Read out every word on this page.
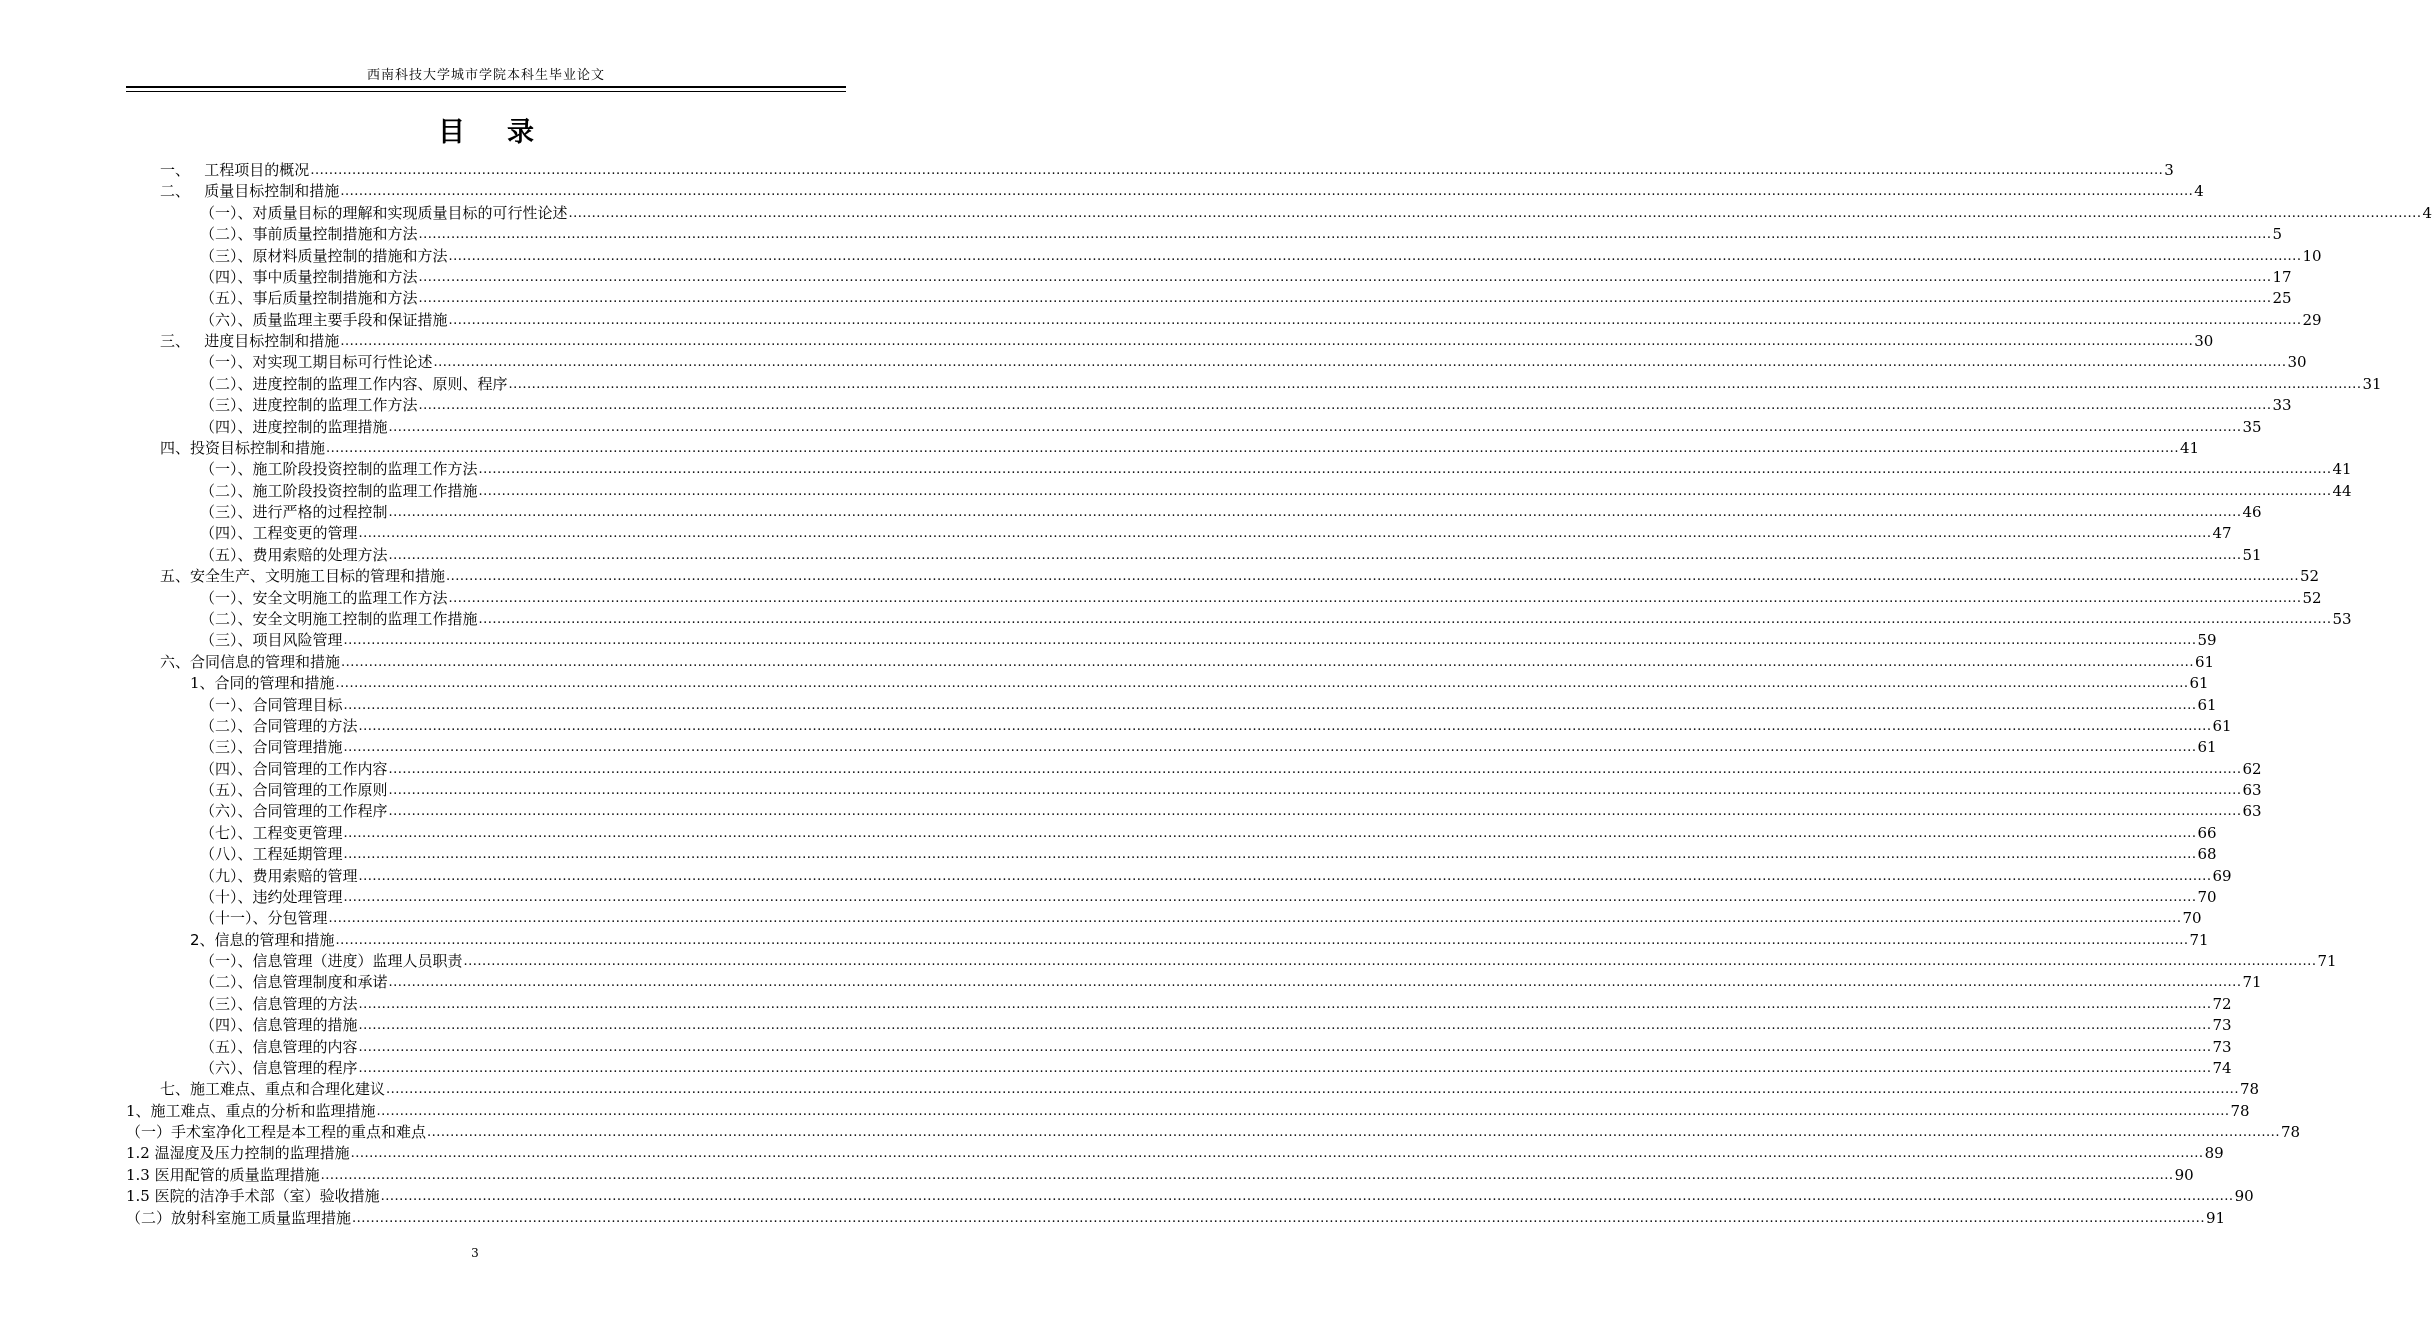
西南科技大学城市学院本科生毕业论文
目录
一、   工程项目的概况 ................................................................................................................................................................................................................................................................................................................................................................................................................ 3
二、   质量目标控制和措施 ................................................................................................................................................................................................................................................................................................................................................................................................................ 4
（一）、对质量目标的理解和实现质量目标的可行性论述 ................................................................................................................................................................................................................................................................................................................................................................................................................ 4
（二）、事前质量控制措施和方法 ................................................................................................................................................................................................................................................................................................................................................................................................................ 5
（三）、原材料质量控制的措施和方法 ................................................................................................................................................................................................................................................................................................................................................................................................................ 10
（四）、事中质量控制措施和方法 ................................................................................................................................................................................................................................................................................................................................................................................................................ 17
（五）、事后质量控制措施和方法 ................................................................................................................................................................................................................................................................................................................................................................................................................ 25
（六）、质量监理主要手段和保证措施 ................................................................................................................................................................................................................................................................................................................................................................................................................ 29
三、   进度目标控制和措施 ................................................................................................................................................................................................................................................................................................................................................................................................................ 30
（一）、对实现工期目标可行性论述 ................................................................................................................................................................................................................................................................................................................................................................................................................ 30
（二）、进度控制的监理工作内容、原则、程序 ................................................................................................................................................................................................................................................................................................................................................................................................................ 31
（三）、进度控制的监理工作方法 ................................................................................................................................................................................................................................................................................................................................................................................................................ 33
（四）、进度控制的监理措施 ................................................................................................................................................................................................................................................................................................................................................................................................................ 35
四、投资目标控制和措施 ................................................................................................................................................................................................................................................................................................................................................................................................................ 41
（一）、施工阶段投资控制的监理工作方法 ................................................................................................................................................................................................................................................................................................................................................................................................................ 41
（二）、施工阶段投资控制的监理工作措施 ................................................................................................................................................................................................................................................................................................................................................................................................................ 44
（三）、进行严格的过程控制 ................................................................................................................................................................................................................................................................................................................................................................................................................ 46
（四）、工程变更的管理 ................................................................................................................................................................................................................................................................................................................................................................................................................ 47
（五）、费用索赔的处理方法 ................................................................................................................................................................................................................................................................................................................................................................................................................ 51
五、安全生产、文明施工目标的管理和措施 ................................................................................................................................................................................................................................................................................................................................................................................................................ 52
（一）、安全文明施工的监理工作方法 ................................................................................................................................................................................................................................................................................................................................................................................................................ 52
（二）、安全文明施工控制的监理工作措施 ................................................................................................................................................................................................................................................................................................................................................................................................................ 53
（三）、项目风险管理 ................................................................................................................................................................................................................................................................................................................................................................................................................ 59
六、合同信息的管理和措施 ................................................................................................................................................................................................................................................................................................................................................................................................................ 61
1、合同的管理和措施 ................................................................................................................................................................................................................................................................................................................................................................................................................ 61
（一）、合同管理目标 ................................................................................................................................................................................................................................................................................................................................................................................................................ 61
（二）、合同管理的方法 ................................................................................................................................................................................................................................................................................................................................................................................................................ 61
（三）、合同管理措施 ................................................................................................................................................................................................................................................................................................................................................................................................................ 61
（四）、合同管理的工作内容 ................................................................................................................................................................................................................................................................................................................................................................................................................ 62
（五）、合同管理的工作原则 ................................................................................................................................................................................................................................................................................................................................................................................................................ 63
（六）、合同管理的工作程序 ................................................................................................................................................................................................................................................................................................................................................................................................................ 63
（七）、工程变更管理 ................................................................................................................................................................................................................................................................................................................................................................................................................ 66
（八）、工程延期管理 ................................................................................................................................................................................................................................................................................................................................................................................................................ 68
（九）、费用索赔的管理 ................................................................................................................................................................................................................................................................................................................................................................................................................ 69
（十）、违约处理管理 ................................................................................................................................................................................................................................................................................................................................................................................................................ 70
（十一）、分包管理 ................................................................................................................................................................................................................................................................................................................................................................................................................ 70
2、信息的管理和措施 ................................................................................................................................................................................................................................................................................................................................................................................................................ 71
（一）、信息管理（进度）监理人员职责 ................................................................................................................................................................................................................................................................................................................................................................................................................ 71
（二）、信息管理制度和承诺 ................................................................................................................................................................................................................................................................................................................................................................................................................ 71
（三）、信息管理的方法 ................................................................................................................................................................................................................................................................................................................................................................................................................ 72
（四）、信息管理的措施 ................................................................................................................................................................................................................................................................................................................................................................................................................ 73
（五）、信息管理的内容 ................................................................................................................................................................................................................................................................................................................................................................................................................ 73
（六）、信息管理的程序 ................................................................................................................................................................................................................................................................................................................................................................................................................ 74
七、施工难点、重点和合理化建议 ................................................................................................................................................................................................................................................................................................................................................................................................................ 78
1、施工难点、重点的分析和监理措施 ................................................................................................................................................................................................................................................................................................................................................................................................................ 78
（一）手术室净化工程是本工程的重点和难点 ................................................................................................................................................................................................................................................................................................................................................................................................................ 78
1.2 温湿度及压力控制的监理措施 ................................................................................................................................................................................................................................................................................................................................................................................................................ 89
1.3 医用配管的质量监理措施 ................................................................................................................................................................................................................................................................................................................................................................................................................ 90
1.5 医院的洁净手术部（室）验收措施 ................................................................................................................................................................................................................................................................................................................................................................................................................ 90
（二）放射科室施工质量监理措施 ................................................................................................................................................................................................................................................................................................................................................................................................................ 91
3
